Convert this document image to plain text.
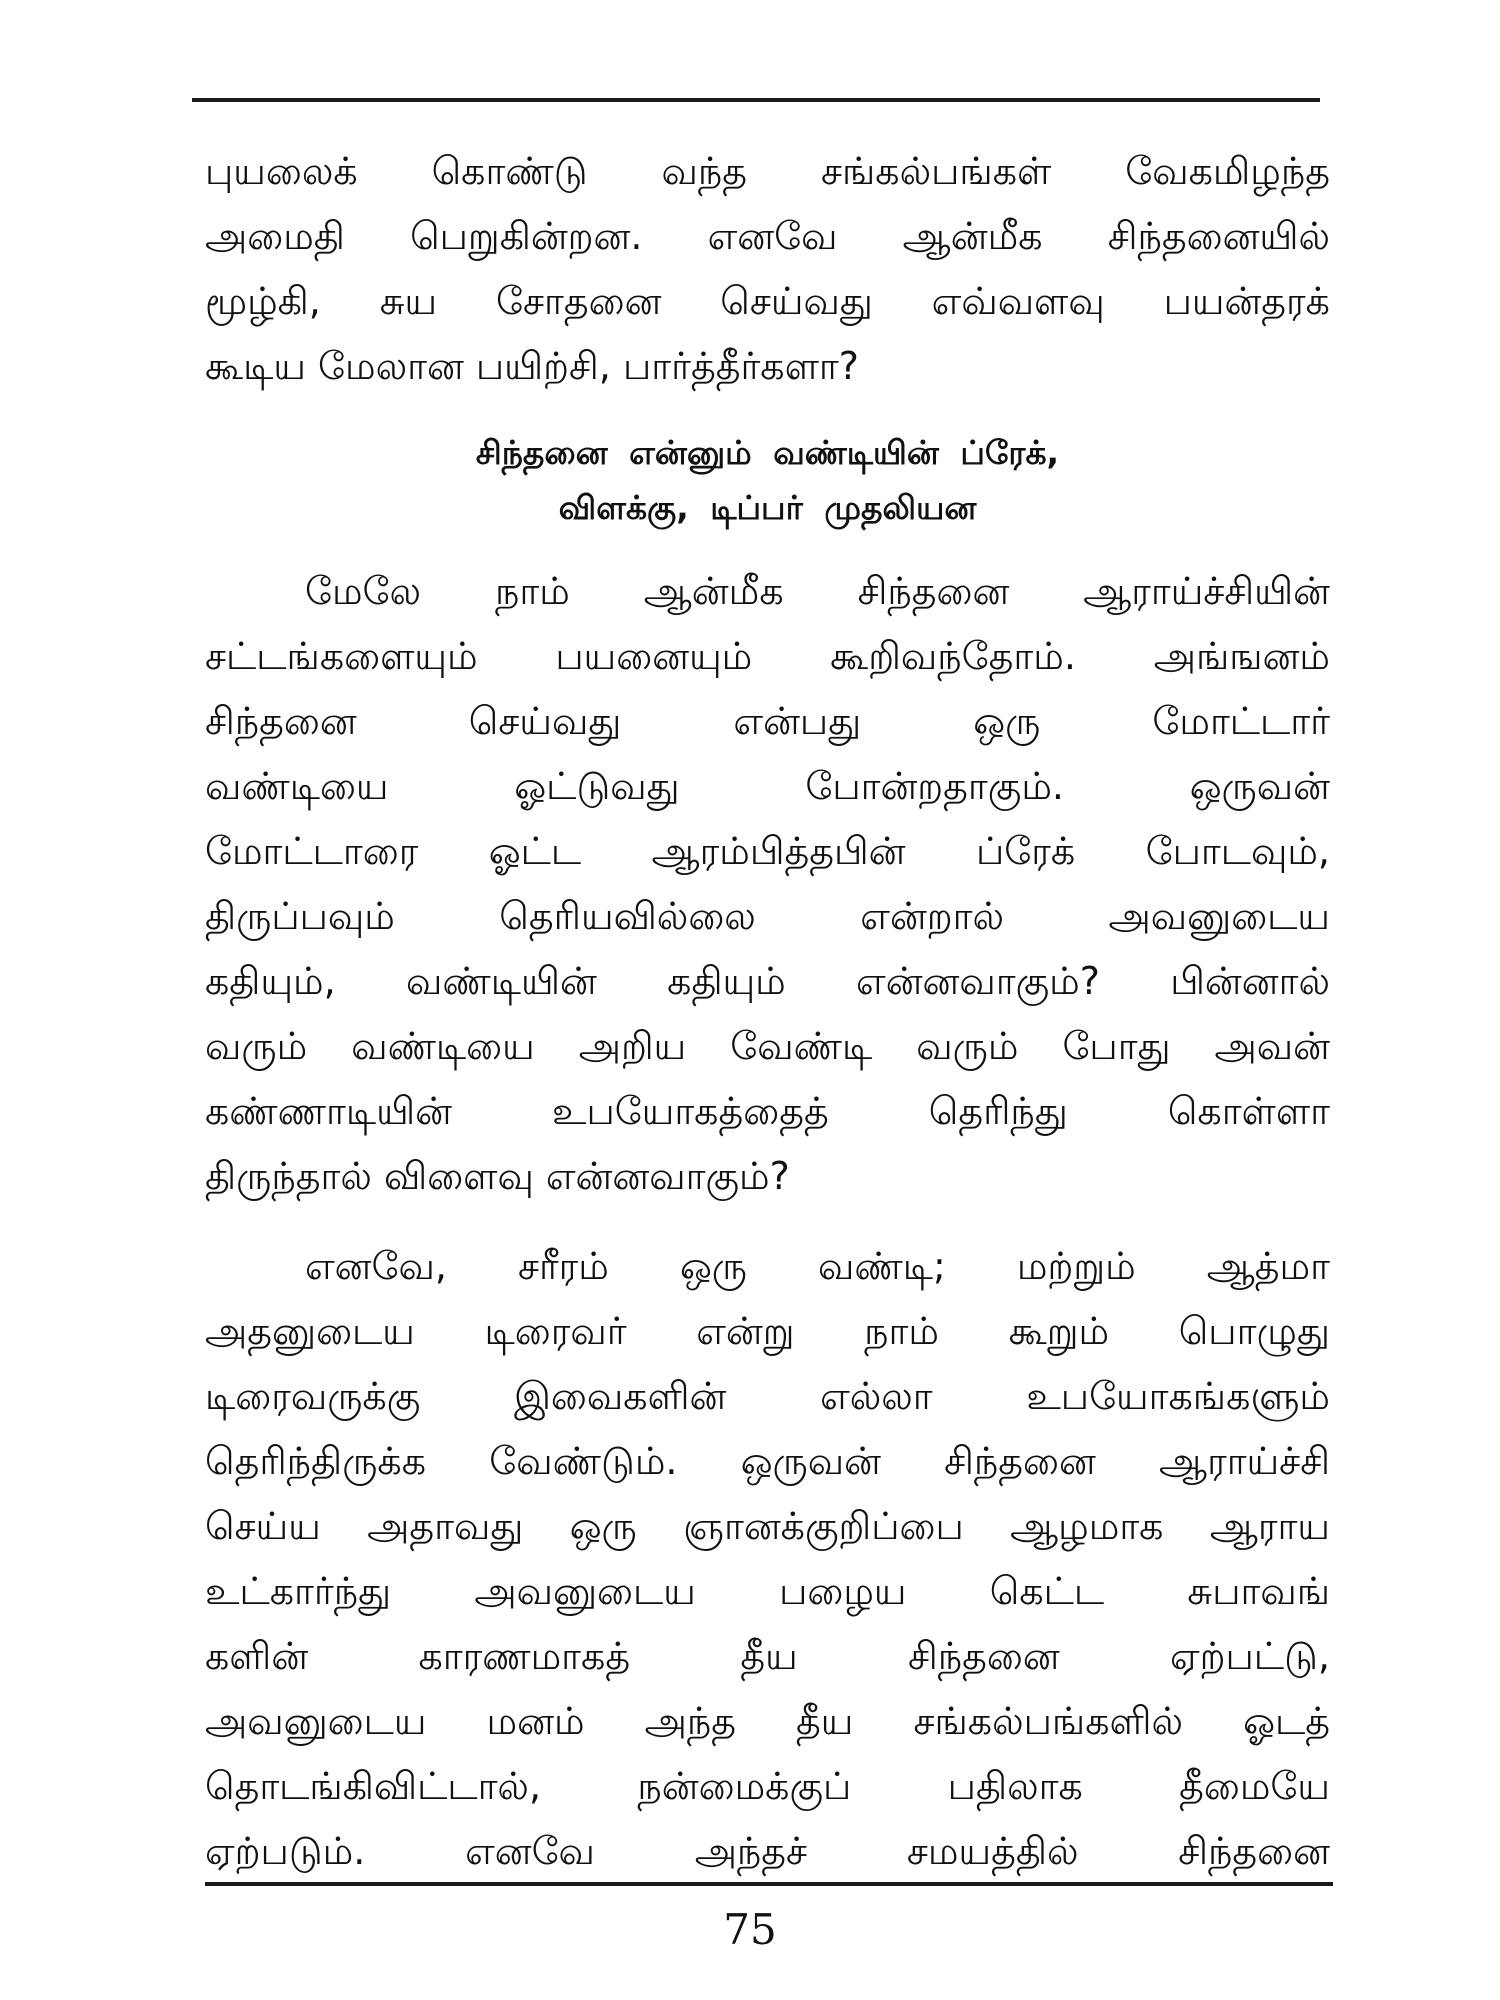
புயலைக் கொண்டு வந்த சங்கல்பங்கள் வேகமிழந்த
அமைதி பெறுகின்றன. எனவே ஆன்மீக சிந்தனையில்
மூழ்கி, சுய சோதனை செய்வது எவ்வளவு பயன்தரக்
கூடிய மேலான பயிற்சி, பார்த்தீர்களா?
சிந்தனை என்னும் வண்டியின் ப்ரேக்,
விளக்கு, டிப்பர் முதலியன
மேலே நாம் ஆன்மீக சிந்தனை ஆராய்ச்சியின்
சட்டங்களையும் பயனையும் கூறிவந்தோம். அங்ஙனம்
சிந்தனை செய்வது என்பது ஒரு மோட்டார்
வண்டியை ஓட்டுவது போன்றதாகும். ஒருவன்
மோட்டாரை ஓட்ட ஆரம்பித்தபின் ப்ரேக் போடவும்,
திருப்பவும் தெரியவில்லை என்றால் அவனுடைய
கதியும், வண்டியின் கதியும் என்னவாகும்? பின்னால்
வரும் வண்டியை அறிய வேண்டி வரும் போது அவன்
கண்ணாடியின் உபயோகத்தைத் தெரிந்து கொள்ளா
திருந்தால் விளைவு என்னவாகும்?
எனவே, சரீரம் ஒரு வண்டி; மற்றும் ஆத்மா
அதனுடைய டிரைவர் என்று நாம் கூறும் பொழுது
டிரைவருக்கு இவைகளின் எல்லா உபயோகங்களும்
தெரிந்திருக்க வேண்டும். ஒருவன் சிந்தனை ஆராய்ச்சி
செய்ய அதாவது ஒரு ஞானக்குறிப்பை ஆழமாக ஆராய
உட்கார்ந்து அவனுடைய பழைய கெட்ட சுபாவங்
களின் காரணமாகத் தீய சிந்தனை ஏற்பட்டு,
அவனுடைய மனம் அந்த தீய சங்கல்பங்களில் ஓடத்
தொடங்கிவிட்டால், நன்மைக்குப் பதிலாக தீமையே
ஏற்படும். எனவே அந்தச் சமயத்தில் சிந்தனை
75
